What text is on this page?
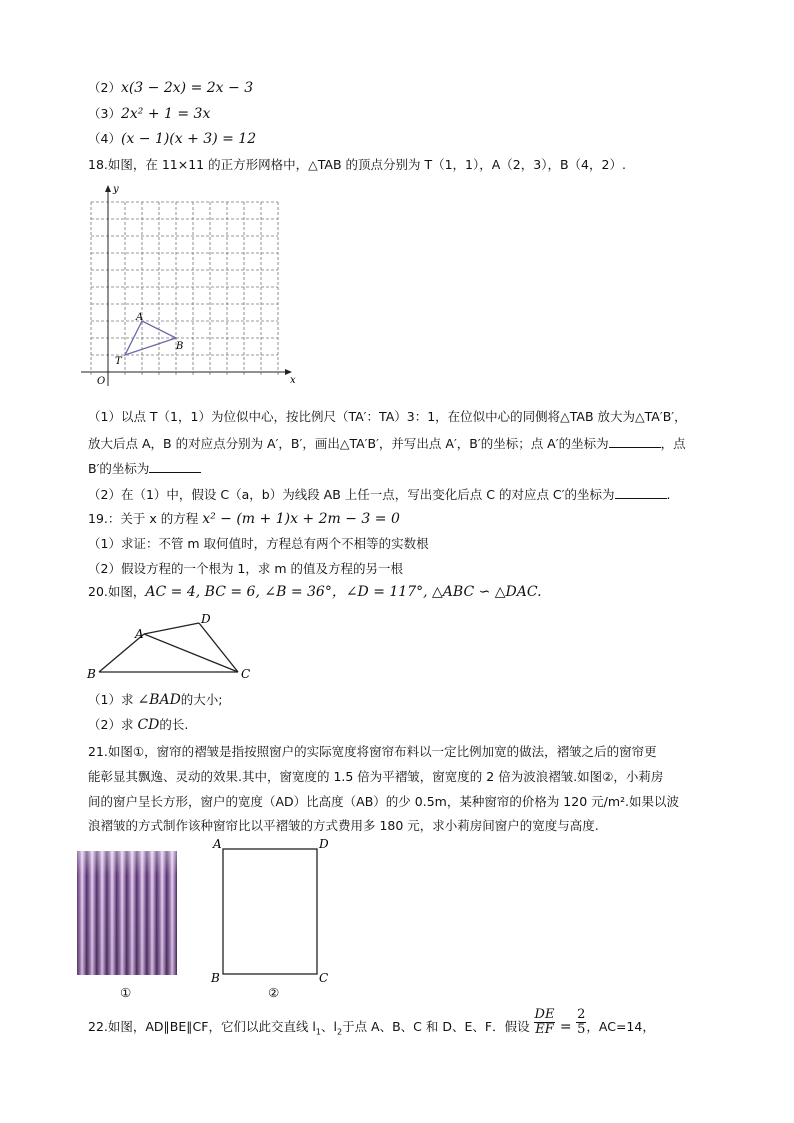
（2）x(3 − 2x) = 2x − 3
（3）2x² + 1 = 3x
（4）(x − 1)(x + 3) = 12
18.如图，在 11×11 的正方形网格中，△TAB 的顶点分别为 T（1，1），A（2，3），B（4，2）.
y
x
O
T
A
B
（1）以点 T（1，1）为位似中心，按比例尺（TA′：TA）3：1，在位似中心的同侧将△TAB 放大为△TA′B′，
放大后点 A，B 的对应点分别为 A′，B′，画出△TA′B′，并写出点 A′，B′的坐标；点 A′的坐标为	，点
B′的坐标为
（2）在（1）中，假设 C（a，b）为线段 AB 上任一点，写出变化后点 C 的对应点 C′的坐标为	.
19.：关于 x 的方程 x² − (m + 1)x + 2m − 3 = 0
（1）求证：不管 m 取何值时，方程总有两个不相等的实数根
（2）假设方程的一个根为 1，求 m 的值及方程的另一根
20.如图，AC = 4, BC = 6, ∠B = 36°，∠D = 117°, △ABC ∽ △DAC.
A
D
B	C
（1）求 ∠BAD的大小;
（2）求 CD的长.
21.如图①，窗帘的褶皱是指按照窗户的实际宽度将窗帘布料以一定比例加宽的做法，褶皱之后的窗帘更
能彰显其飘逸、灵动的效果.其中，窗宽度的 1.5 倍为平褶皱，窗宽度的 2 倍为波浪褶皱.如图②，小莉房
间的窗户呈长方形，窗户的宽度（AD）比高度（AB）的少 0.5m，某种窗帘的价格为 120 元/m².如果以波
浪褶皱的方式制作该种窗帘比以平褶皱的方式费用多 180 元，求小莉房间窗户的宽度与高度.
①
A	D
B	C
②
22.如图，AD∥BE∥CF，它们以此交直线 $l_1$、$l_2$于点 A、B、C 和 D、E、F．假设 $\frac{DE}{EF} = \frac{2}{5}$ ，AC=14，
